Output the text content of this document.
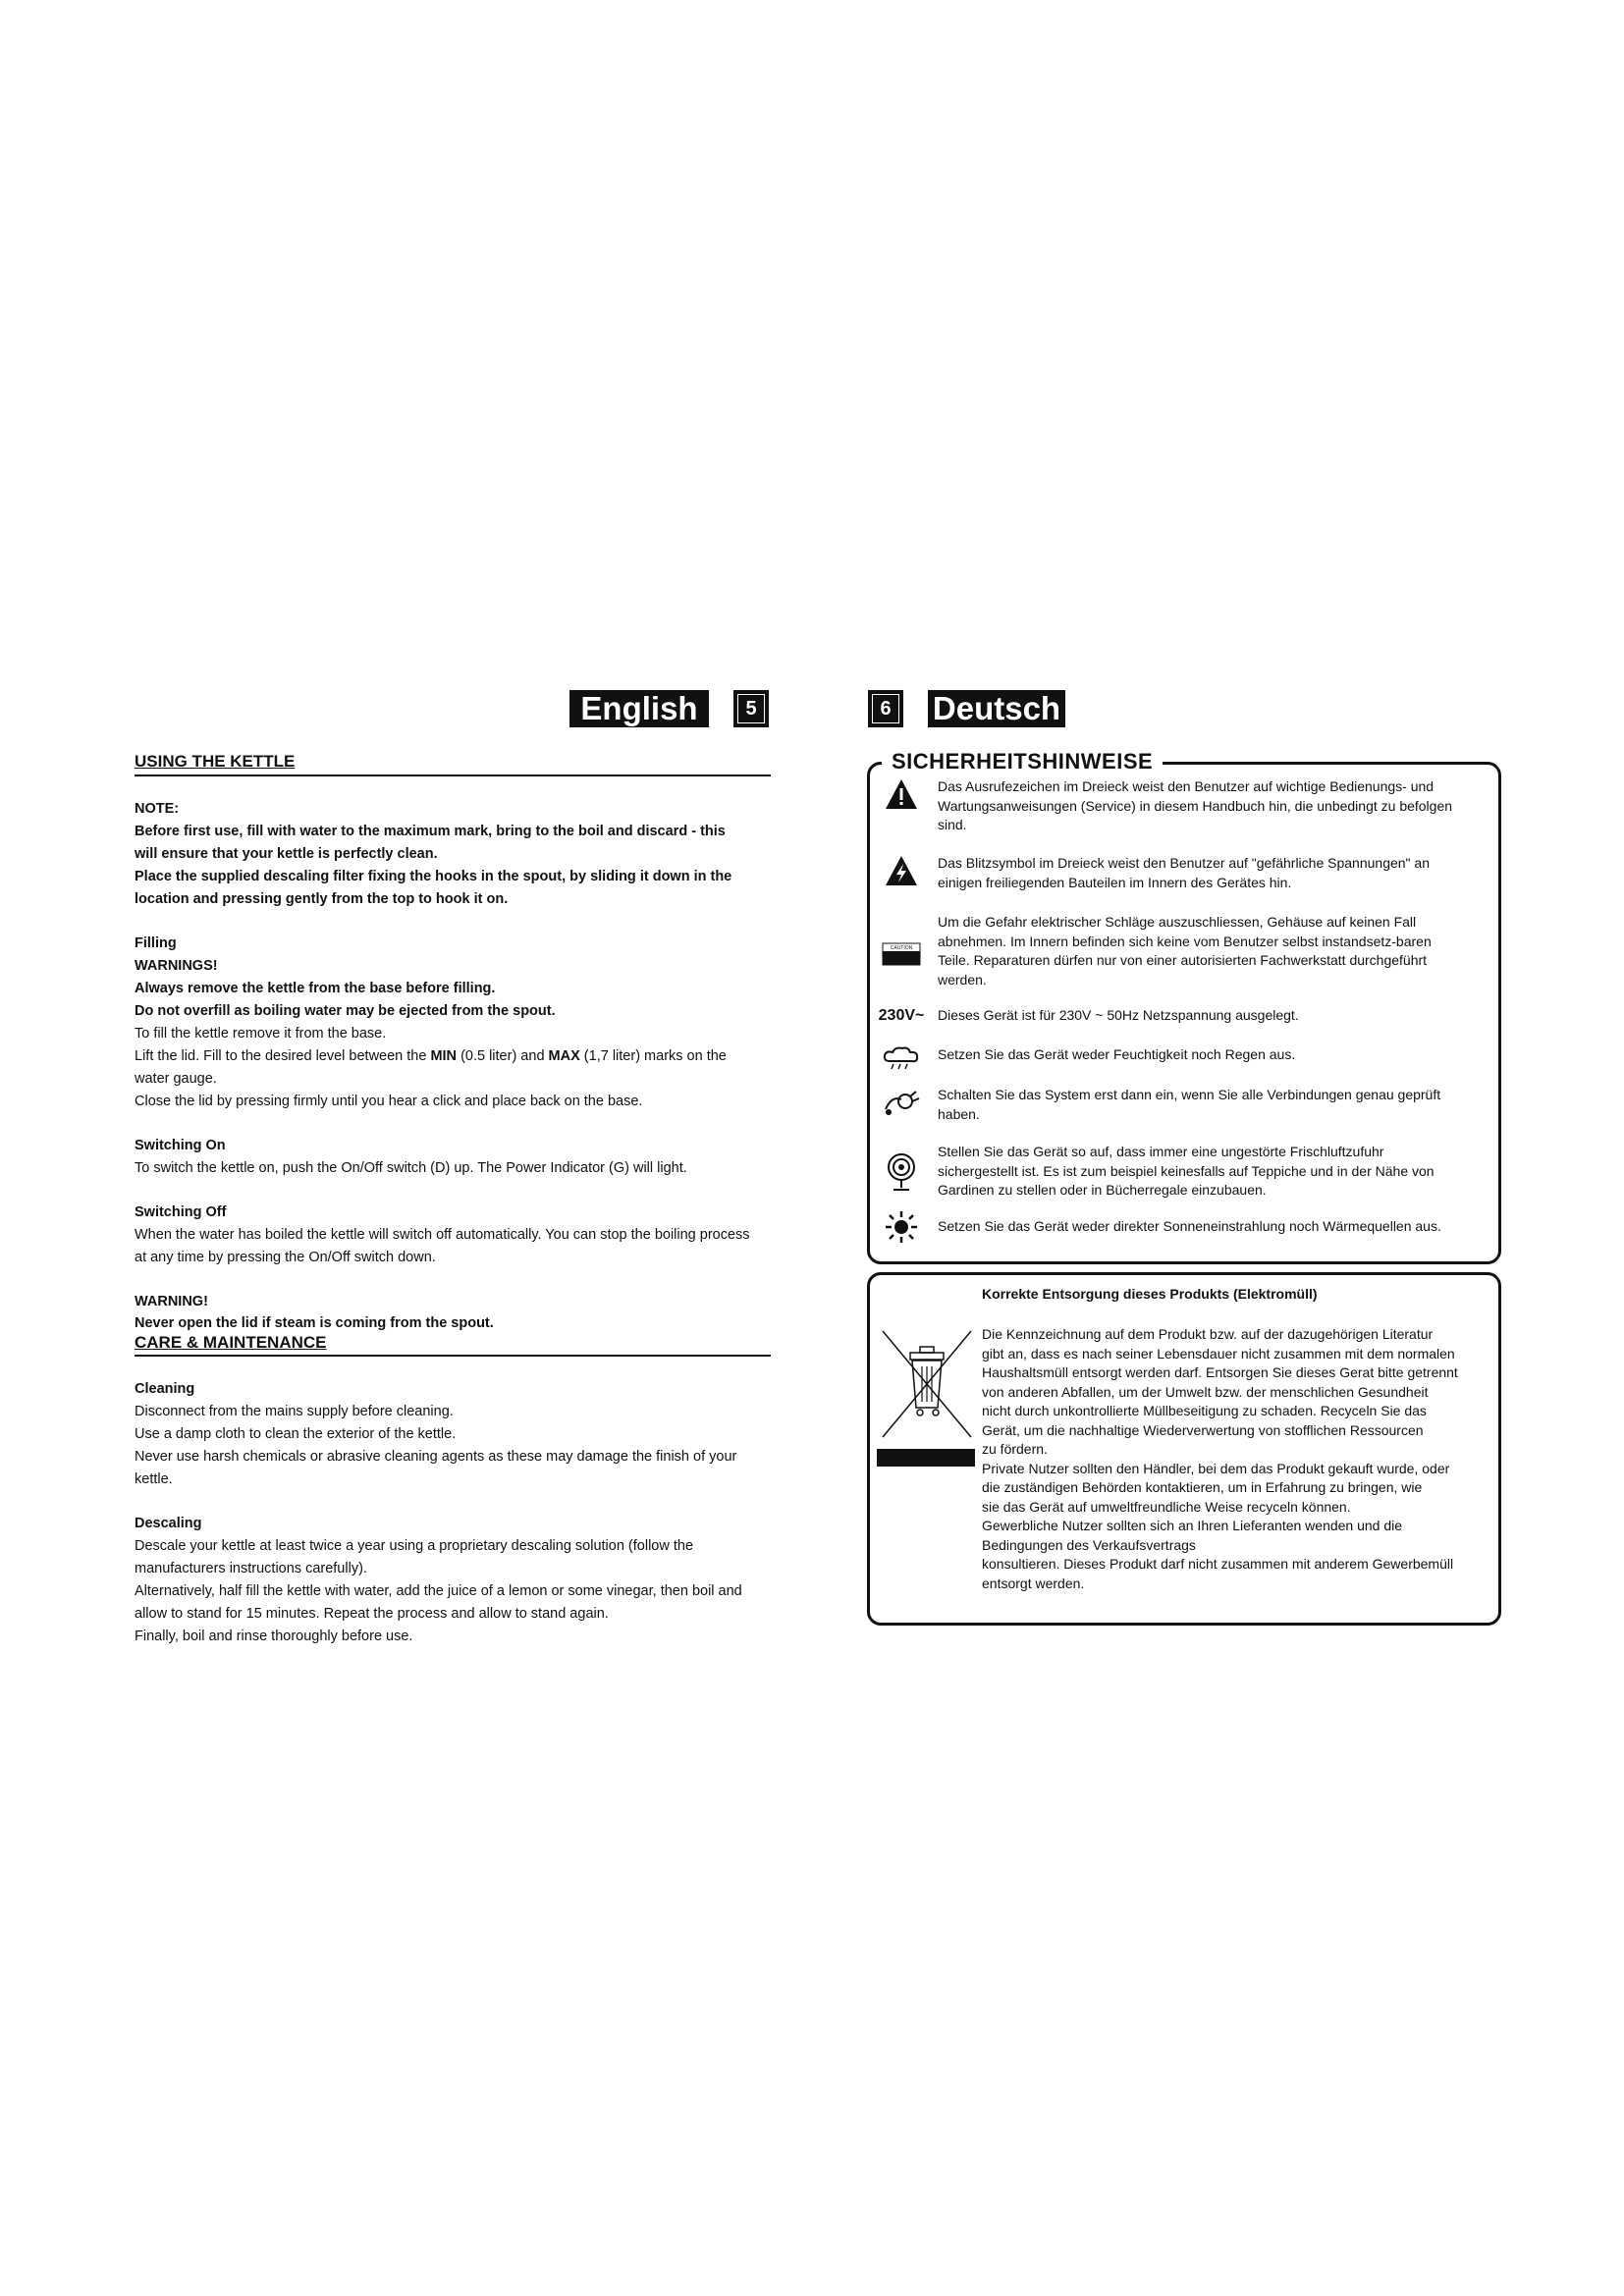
English	5	6	Deutsch
USING THE KETTLE

NOTE:

Before first use, fill with water to the maximum mark, bring to the boil and discard - this

will ensure that your kettle is perfectly clean.

Place the supplied descaling filter fixing the hooks in the spout, by sliding it down in the

location and pressing gently from the top to hook it on.

Filling

WARNINGS!

Always remove the kettle from the base before filling.

Do not overfill as boiling water may be ejected from the spout.

To fill the kettle remove it from the base.

Lift the lid. Fill to the desired level between the MIN (0.5 liter) and MAX (1,7 liter) marks on the

water gauge.

Close the lid by pressing firmly until you hear a click and place back on the base.

Switching On

To switch the kettle on, push the On/Off switch (D) up. The Power Indicator (G) will light.

Switching Off

When the water has boiled the kettle will switch off automatically. You can stop the boiling process

at any time by pressing the On/Off switch down.

WARNING!

Never open the lid if steam is coming from the spout.

CARE & MAINTENANCE

Cleaning

Disconnect from the mains supply before cleaning.

Use a damp cloth to clean the exterior of the kettle.

Never use harsh chemicals or abrasive cleaning agents as these may damage the finish of your

kettle.

Descaling

Descale your kettle at least twice a year using a proprietary descaling solution (follow the

manufacturers instructions carefully).

Alternatively, half fill the kettle with water, add the juice of a lemon or some vinegar, then boil and

allow to stand for 15 minutes. Repeat the process and allow to stand again.

Finally, boil and rinse thoroughly before use.

SICHERHEITSHINWEISE
Das Ausrufezeichen im Dreieck weist den Benutzer auf wichtige Bedienungs- und
Wartungsanweisungen (Service) in diesem Handbuch hin, die unbedingt zu befolgen
sind.
Das Blitzsymbol im Dreieck weist den Benutzer auf "gefährliche Spannungen" an
einigen freiliegenden Bauteilen im Innern des Gerätes hin.
CAUTION
Um die Gefahr elektrischer Schläge auszuschliessen, Gehäuse auf keinen Fall
abnehmen. Im Innern befinden sich keine vom Benutzer selbst instandsetz-baren
Teile. Reparaturen dürfen nur von einer autorisierten Fachwerkstatt durchgeführt
werden.
230V~ Dieses Gerät ist für 230V ~ 50Hz Netzspannung ausgelegt.
Setzen Sie das Gerät weder Feuchtigkeit noch Regen aus.
Schalten Sie das System erst dann ein, wenn Sie alle Verbindungen genau geprüft
haben.
Stellen Sie das Gerät so auf, dass immer eine ungestörte Frischluftzufuhr
sichergestellt ist. Es ist zum beispiel keinesfalls auf Teppiche und in der Nähe von
Gardinen zu stellen oder in Bücherregale einzubauen.
Setzen Sie das Gerät weder direkter Sonneneinstrahlung noch Wärmequellen aus.
Korrekte Entsorgung dieses Produkts (Elektromüll)

Die Kennzeichnung auf dem Produkt bzw. auf der dazugehörigen Literatur

gibt an, dass es nach seiner Lebensdauer nicht zusammen mit dem normalen

Haushaltsmüll entsorgt werden darf. Entsorgen Sie dieses Gerat bitte getrennt

von anderen Abfallen, um der Umwelt bzw. der menschlichen Gesundheit

nicht durch unkontrollierte Müllbeseitigung zu schaden. Recyceln Sie das

Gerät, um die nachhaltige Wiederverwertung von stofflichen Ressourcen

zu fördern.

Private Nutzer sollten den Händler, bei dem das Produkt gekauft wurde, oder

die zuständigen Behörden kontaktieren, um in Erfahrung zu bringen, wie

sie das Gerät auf umweltfreundliche Weise recyceln können.

Gewerbliche Nutzer sollten sich an Ihren Lieferanten wenden und die

Bedingungen des Verkaufsvertrags

konsultieren. Dieses Produkt darf nicht zusammen mit anderem Gewerbemüll

entsorgt werden.
